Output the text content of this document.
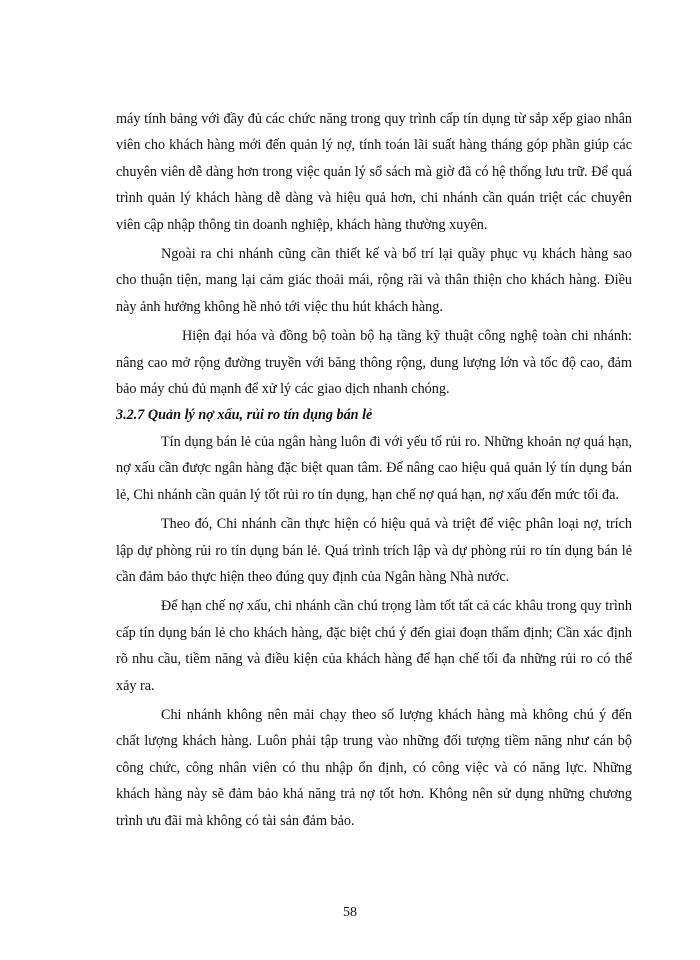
máy tính bảng với đầy đủ các chức năng trong quy trình cấp tín dụng từ sắp xếp giao nhân viên cho khách hàng mới đến quản lý nợ, tính toán lãi suất hàng tháng góp phần giúp các chuyên viên dễ dàng hơn trong việc quản lý sổ sách mà giờ đã có hệ thống lưu trữ. Để quá trình quản lý khách hàng dễ dàng và hiệu quả hơn, chi nhánh cần quán triệt các chuyên viên cập nhập thông tin doanh nghiệp, khách hàng thường xuyên.

Ngoài ra chi nhánh cũng cần thiết kế và bố trí lại quầy phục vụ khách hàng sao cho thuận tiện, mang lại cảm giác thoải mái, rộng rãi và thân thiện cho khách hàng. Điều này ảnh hưởng không hề nhỏ tới việc thu hút khách hàng.

Hiện đại hóa và đồng bộ toàn bộ hạ tầng kỹ thuật công nghệ toàn chi nhánh: nâng cao mở rộng đường truyền với băng thông rộng, dung lượng lớn và tốc độ cao, đảm bảo máy chủ đủ mạnh để xử lý các giao dịch nhanh chóng.

3.2.7 Quản lý nợ xấu, rủi ro tín dụng bán lẻ

Tín dụng bán lẻ của ngân hàng luôn đi với yếu tố rủi ro. Những khoản nợ quá hạn, nợ xấu cần được ngân hàng đặc biệt quan tâm. Để nâng cao hiệu quả quản lý tín dụng bán lẻ, Chi nhánh cần quản lý tốt rủi ro tín dụng, hạn chế nợ quá hạn, nợ xấu đến mức tối đa.

Theo đó, Chi nhánh cần thực hiện có hiệu quả và triệt để việc phân loại nợ, trích lập dự phòng rủi ro tín dụng bán lẻ. Quá trình trích lập và dự phòng rủi ro tín dụng bán lẻ cần đảm bảo thực hiện theo đúng quy định của Ngân hàng Nhà nước.

Để hạn chế nợ xấu, chi nhánh cần chú trọng làm tốt tất cả các khâu trong quy trình cấp tín dụng bán lẻ cho khách hàng, đặc biệt chú ý đến giai đoạn thẩm định; Cần xác định rõ nhu cầu, tiềm năng và điều kiện của khách hàng để hạn chế tối đa những rủi ro có thể xảy ra.

Chi nhánh không nên mải chạy theo số lượng khách hàng mà không chú ý đến chất lượng khách hàng. Luôn phải tập trung vào những đối tượng tiềm năng như cán bộ công chức, công nhân viên có thu nhập ổn định, có công việc và có năng lực. Những khách hàng này sẽ đảm bảo khả năng trả nợ tốt hơn. Không nên sử dụng những chương trình ưu đãi mà không có tài sản đảm bảo.

58
